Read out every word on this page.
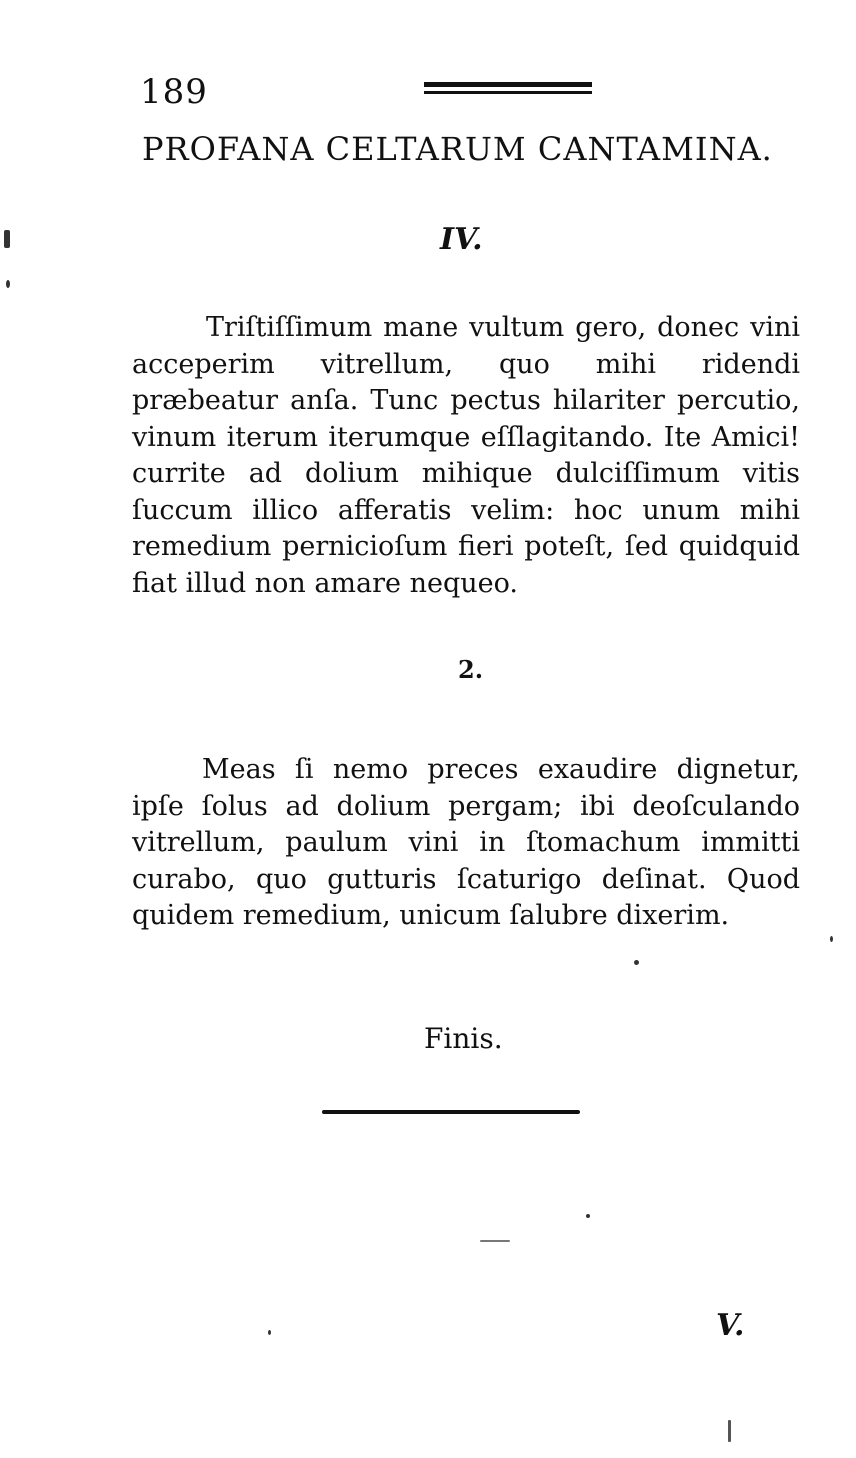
189
PROFANA CELTARUM CANTAMINA.
IV.

Triſtiſſimum mane vultum gero, donec vini acceperim vitrellum, quo mihi ridendi præbeatur anſa. Tunc pectus hilariter percutio, vinum iterum iterumque eſſlagitando. Ite Amici! currite ad dolium mihique dulciſſimum vitis ſuccum illico afferatis velim: hoc unum mihi remedium pernicioſum fieri poteſt, ſed quidquid fiat illud non amare nequeo.

2.

Meas ſi nemo preces exaudire dignetur, ipſe ſolus ad dolium pergam; ibi deoſculando vitrellum, paulum vini in ſtomachum immitti curabo, quo gutturis ſcaturigo deſinat. Quod quidem remedium, unicum ſalubre dixerim.

Finis.
V.
